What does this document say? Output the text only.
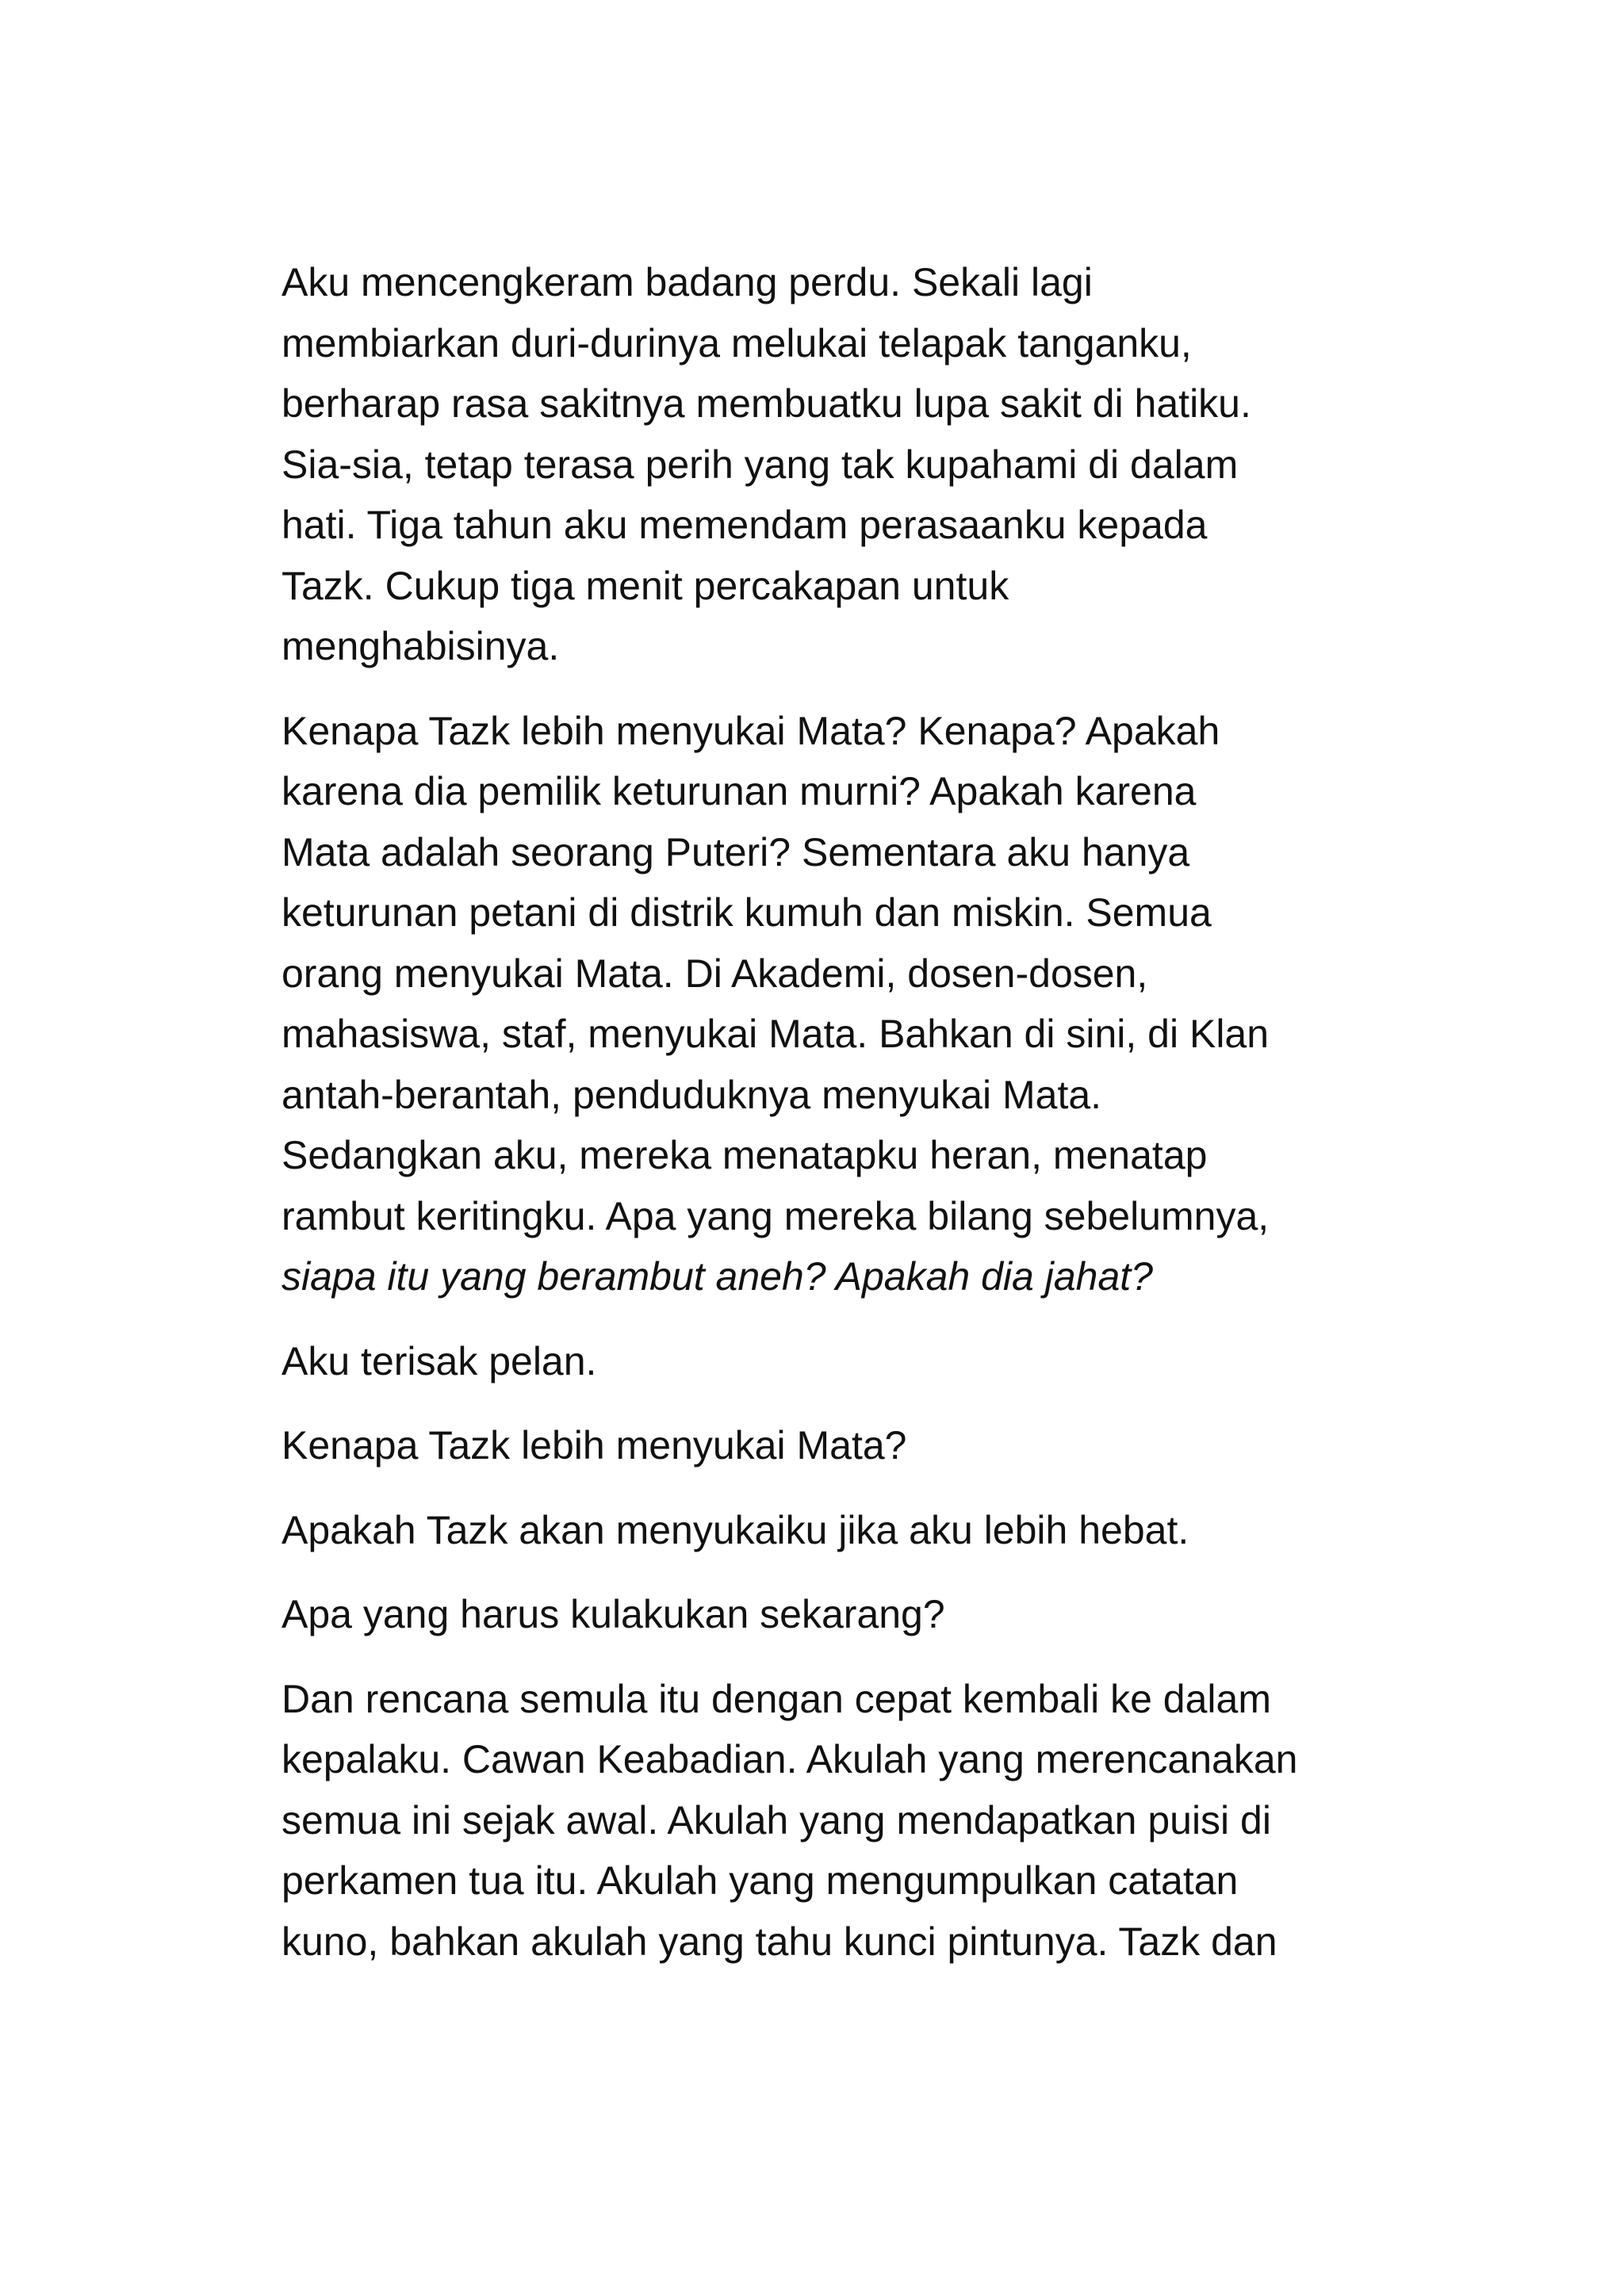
Aku mencengkeram badang perdu. Sekali lagi
membiarkan duri-durinya melukai telapak tanganku,
berharap rasa sakitnya membuatku lupa sakit di hatiku.
Sia-sia, tetap terasa perih yang tak kupahami di dalam
hati. Tiga tahun aku memendam perasaanku kepada
Tazk. Cukup tiga menit percakapan untuk
menghabisinya.

Kenapa Tazk lebih menyukai Mata? Kenapa? Apakah
karena dia pemilik keturunan murni? Apakah karena
Mata adalah seorang Puteri? Sementara aku hanya
keturunan petani di distrik kumuh dan miskin. Semua
orang menyukai Mata. Di Akademi, dosen-dosen,
mahasiswa, staf, menyukai Mata. Bahkan di sini, di Klan
antah-berantah, penduduknya menyukai Mata.
Sedangkan aku, mereka menatapku heran, menatap
rambut keritingku. Apa yang mereka bilang sebelumnya,
siapa itu yang berambut aneh? Apakah dia jahat?

Aku terisak pelan.

Kenapa Tazk lebih menyukai Mata?

Apakah Tazk akan menyukaiku jika aku lebih hebat.

Apa yang harus kulakukan sekarang?

Dan rencana semula itu dengan cepat kembali ke dalam
kepalaku. Cawan Keabadian. Akulah yang merencanakan
semua ini sejak awal. Akulah yang mendapatkan puisi di
perkamen tua itu. Akulah yang mengumpulkan catatan
kuno, bahkan akulah yang tahu kunci pintunya. Tazk dan
